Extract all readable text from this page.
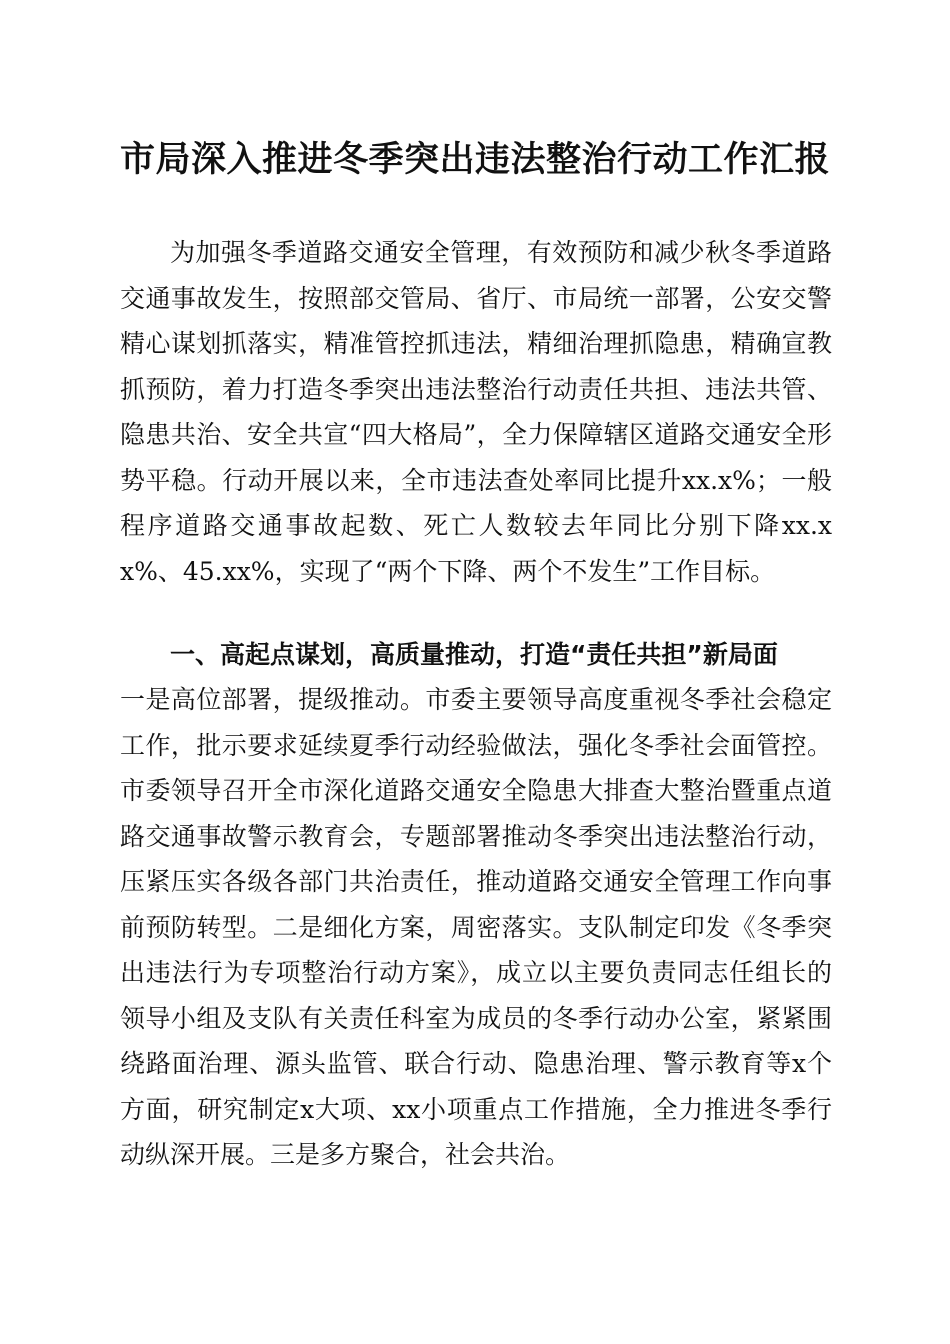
市局深入推进冬季突出违法整治行动工作汇报

为加强冬季道路交通安全管理，有效预防和减少秋冬季道路交通事故发生，按照部交管局、省厅、市局统一部署，公安交警精心谋划抓落实，精准管控抓违法，精细治理抓隐患，精确宣教抓预防，着力打造冬季突出违法整治行动责任共担、违法共管、隐患共治、安全共宣“四大格局”，全力保障辖区道路交通安全形势平稳。行动开展以来，全市违法查处率同比提升xx.x%；一般程序道路交通事故起数、死亡人数较去年同比分别下降xx.xx%、45.xx%，实现了“两个下降、两个不发生”工作目标。

一、高起点谋划，高质量推动，打造“责任共担”新局面

一是高位部署，提级推动。市委主要领导高度重视冬季社会稳定工作，批示要求延续夏季行动经验做法，强化冬季社会面管控。市委领导召开全市深化道路交通安全隐患大排查大整治暨重点道路交通事故警示教育会，专题部署推动冬季突出违法整治行动，压紧压实各级各部门共治责任，推动道路交通安全管理工作向事前预防转型。二是细化方案，周密落实。支队制定印发《冬季突出违法行为专项整治行动方案》，成立以主要负责同志任组长的领导小组及支队有关责任科室为成员的冬季行动办公室，紧紧围绕路面治理、源头监管、联合行动、隐患治理、警示教育等x个方面，研究制定x大项、xx小项重点工作措施，全力推进冬季行动纵深开展。三是多方聚合，社会共治。
